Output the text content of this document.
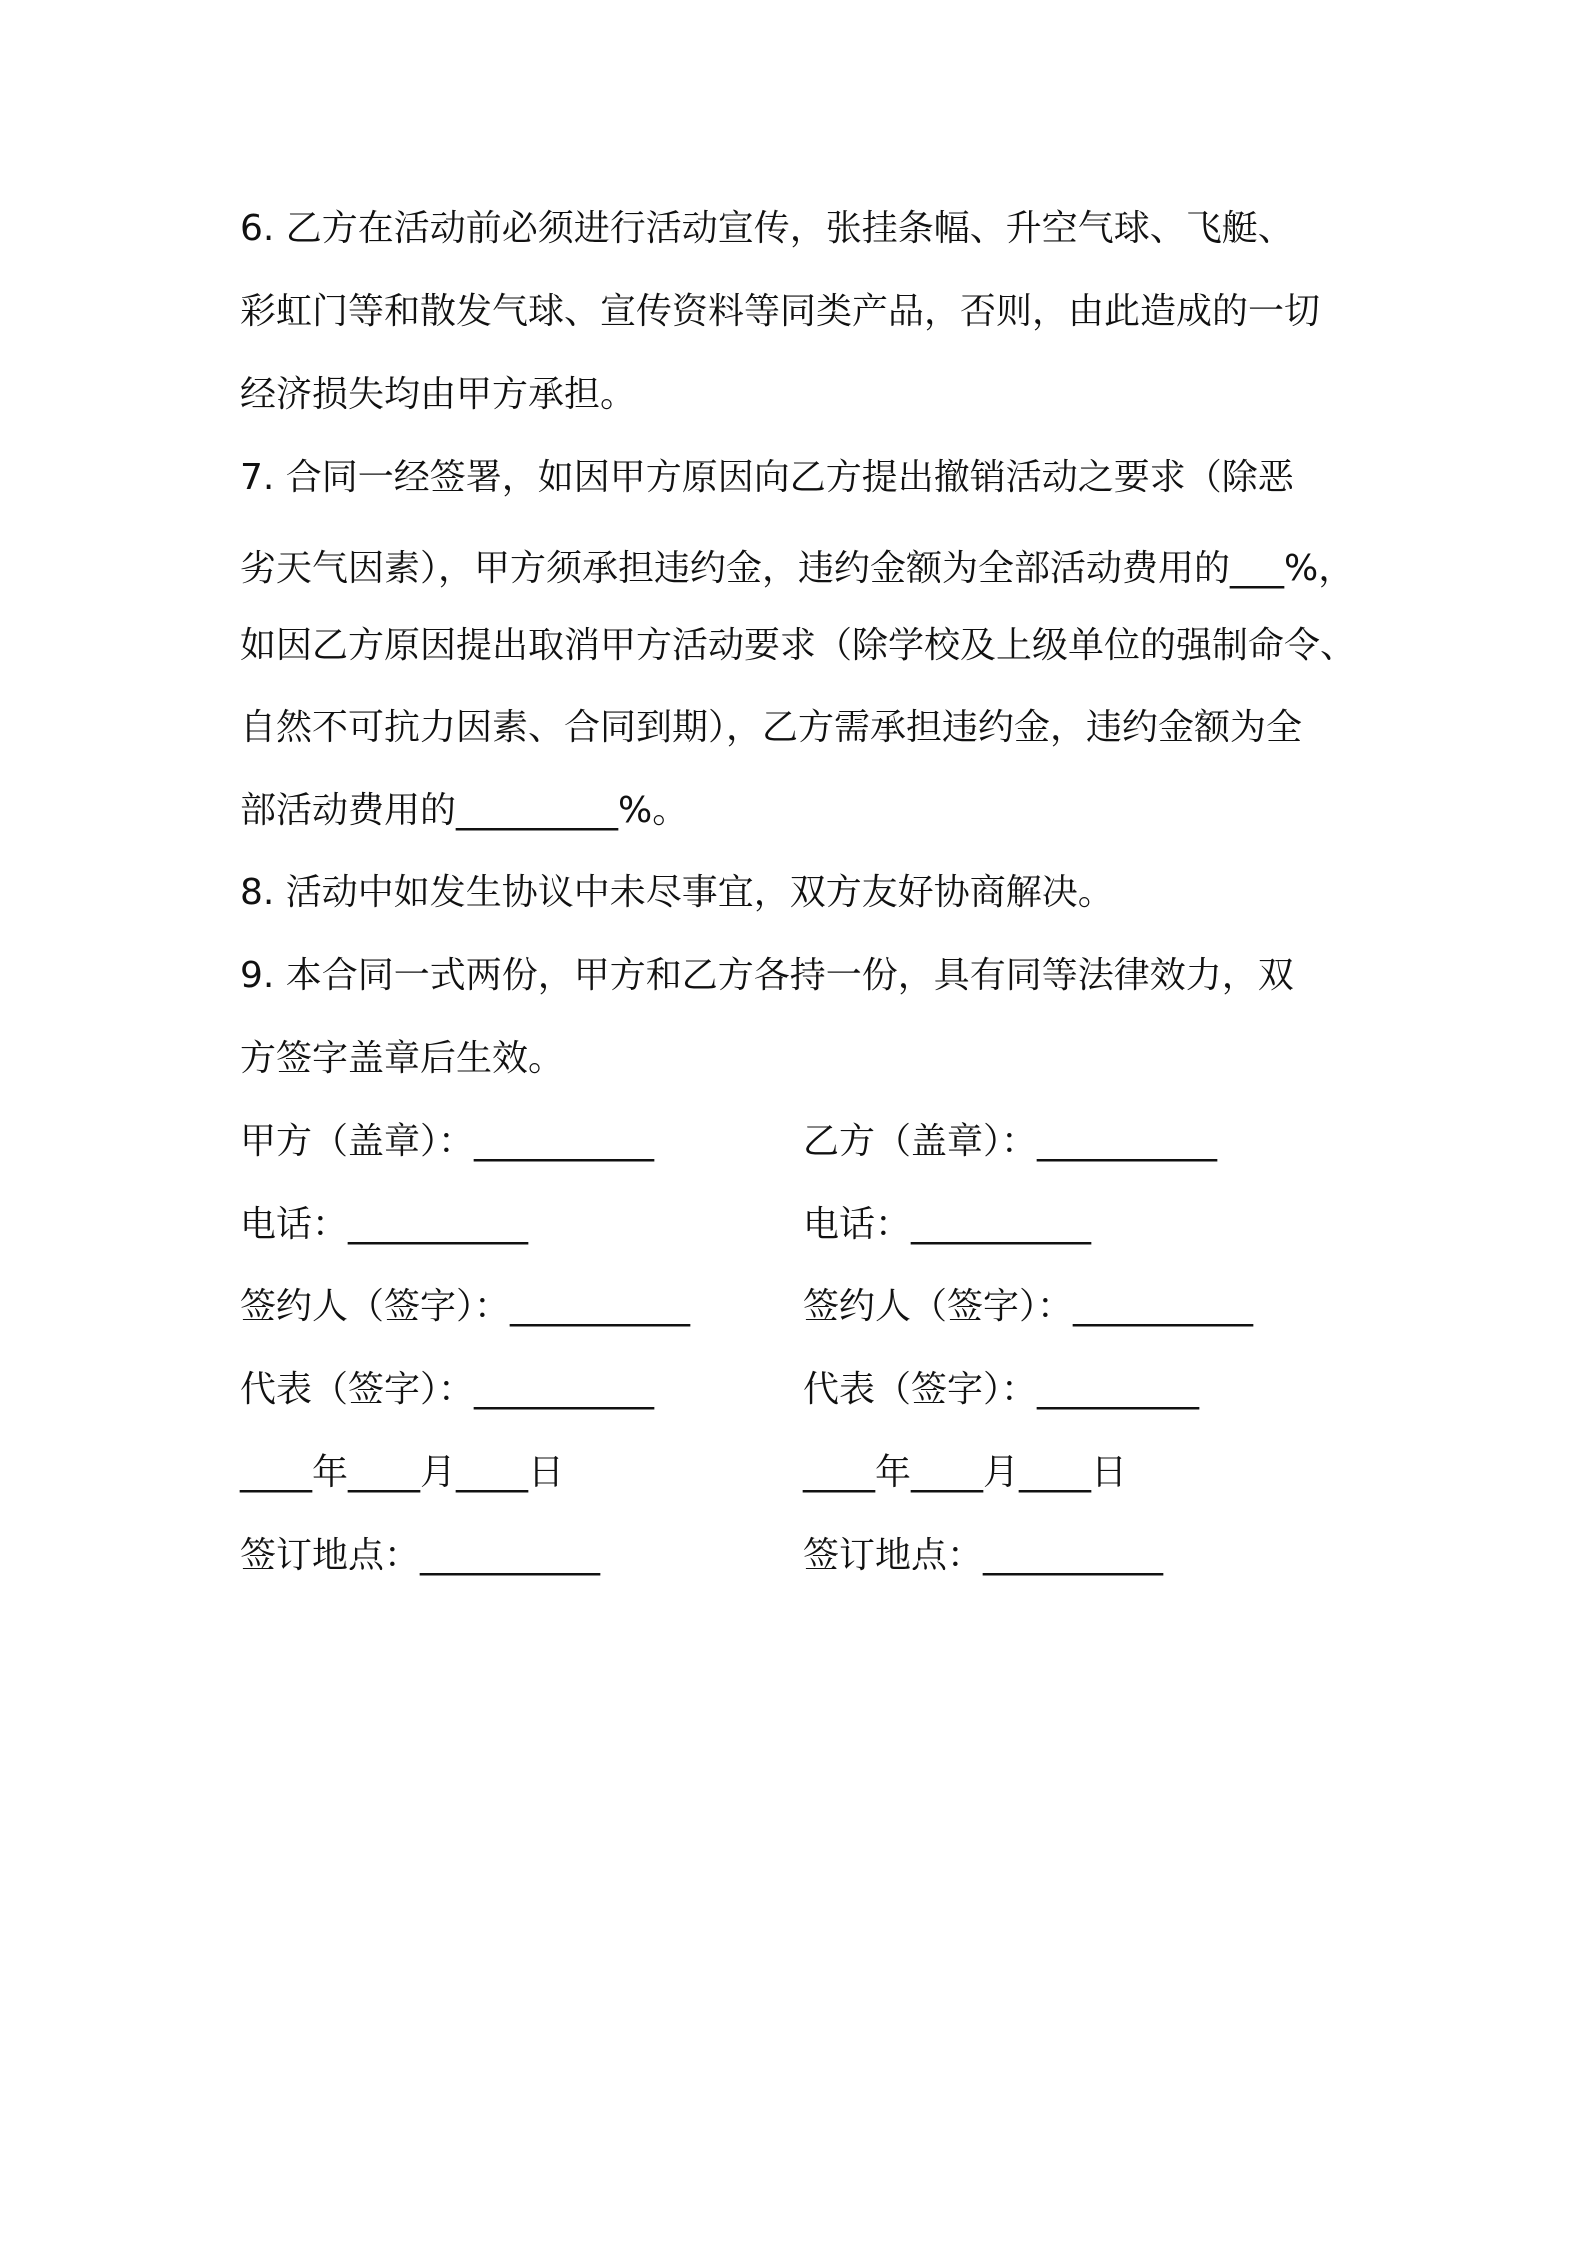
6. 乙方在活动前必须进行活动宣传，张挂条幅、升空气球、飞艇、
彩虹门等和散发气球、宣传资料等同类产品，否则，由此造成的一切
经济损失均由甲方承担。
7. 合同一经签署，如因甲方原因向乙方提出撤销活动之要求（除恶
劣天气因素），甲方须承担违约金，违约金额为全部活动费用的___%，
如因乙方原因提出取消甲方活动要求（除学校及上级单位的强制命令、
自然不可抗力因素、合同到期），乙方需承担违约金，违约金额为全
部活动费用的_________%。
8. 活动中如发生协议中未尽事宜，双方友好协商解决。
9. 本合同一式两份，甲方和乙方各持一份，具有同等法律效力，双
方签字盖章后生效。
甲方（盖章）：__________
电话：__________
签约人（签字）：__________
代表（签字）：__________
____年____月____日
签订地点：__________
乙方（盖章）：__________
电话：__________
签约人（签字）：__________
代表（签字）：_________
____年____月____日
签订地点：__________
